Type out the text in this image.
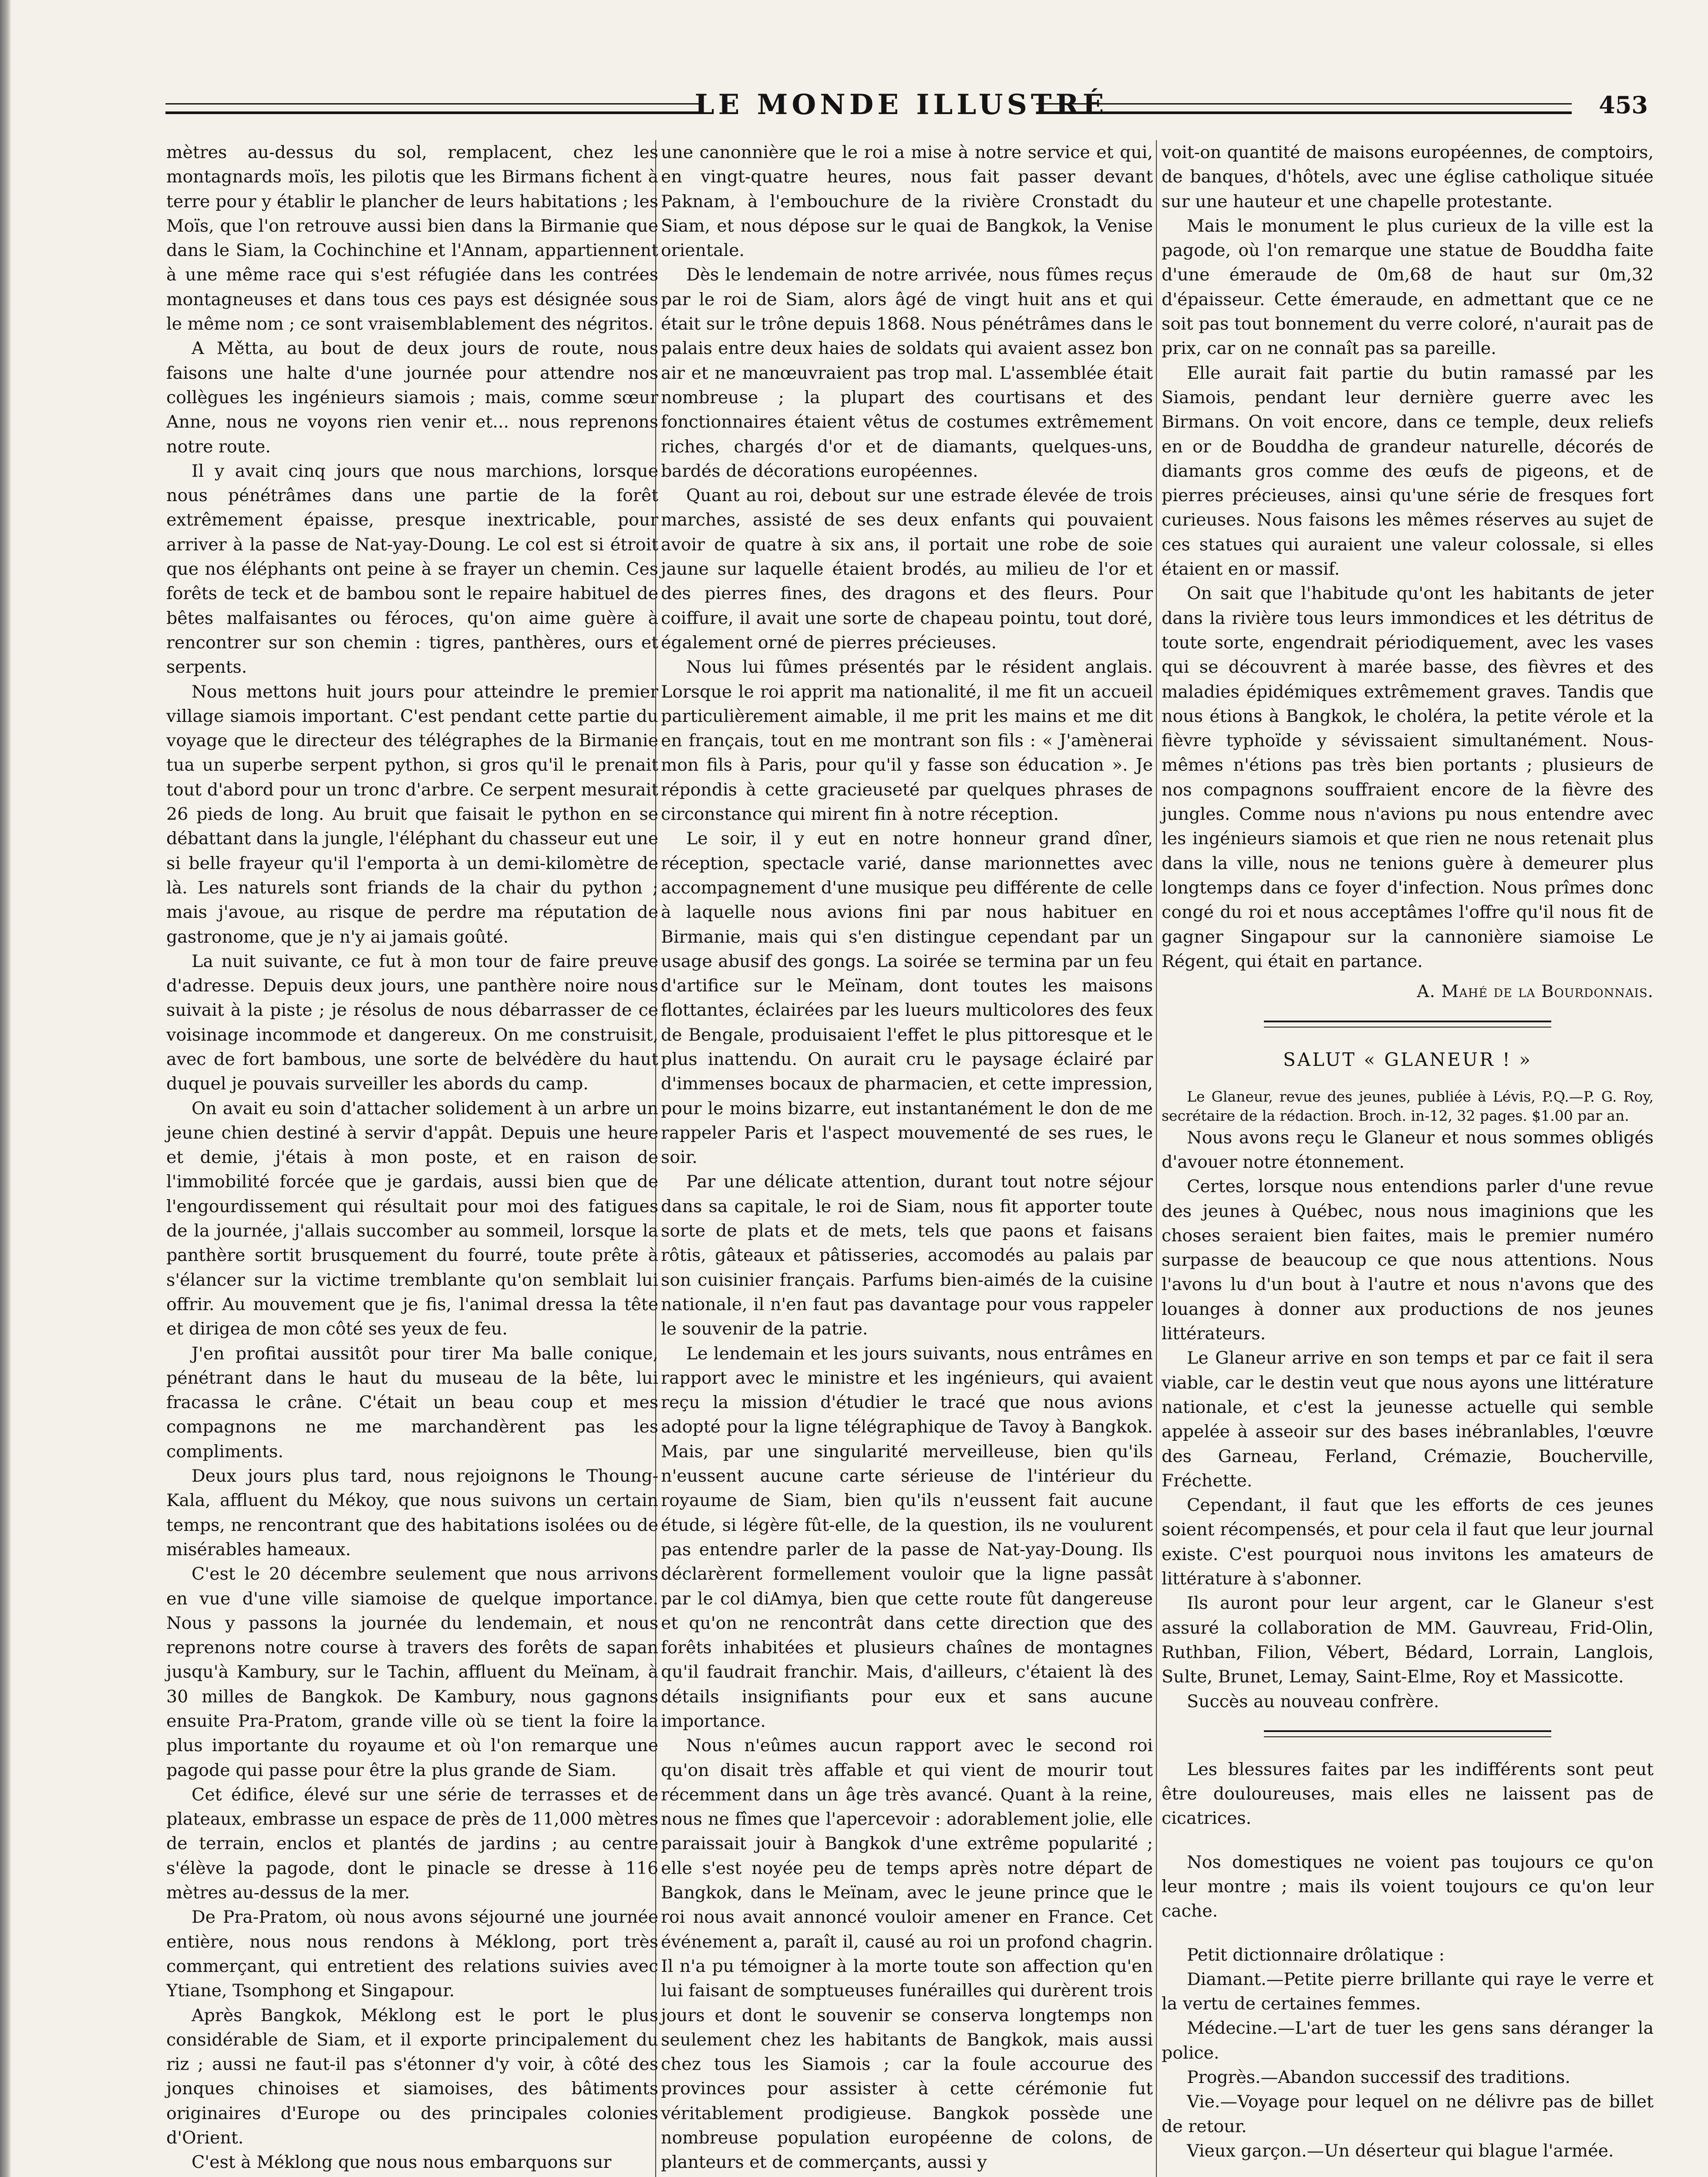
LE MONDE ILLUSTRÉ	453

mètres au-dessus du sol, remplacent, chez les montagnards moïs, les pilotis que les Birmans fichent à terre pour y établir le plancher de leurs habitations ; les Moïs, que l'on retrouve aussi bien dans la Birmanie que dans le Siam, la Cochinchine et l'Annam, appartiennent à une même race qui s'est réfugiée dans les contrées montagneuses et dans tous ces pays est désignée sous le même nom ; ce sont vraisemblablement des négritos.

A Mětta, au bout de deux jours de route, nous faisons une halte d'une journée pour attendre nos collègues les ingénieurs siamois ; mais, comme sœur Anne, nous ne voyons rien venir et... nous reprenons notre route.

Il y avait cinq jours que nous marchions, lorsque nous pénétrâmes dans une partie de la forêt extrêmement épaisse, presque inextricable, pour arriver à la passe de Nat-yay-Doung. Le col est si étroit que nos éléphants ont peine à se frayer un chemin. Ces forêts de teck et de bambou sont le repaire habituel de bêtes malfaisantes ou féroces, qu'on aime guère à rencontrer sur son chemin : tigres, panthères, ours et serpents.

Nous mettons huit jours pour atteindre le premier village siamois important. C'est pendant cette partie du voyage que le directeur des télégraphes de la Birmanie tua un superbe serpent python, si gros qu'il le prenait tout d'abord pour un tronc d'arbre. Ce serpent mesurait 26 pieds de long. Au bruit que faisait le python en se débattant dans la jungle, l'éléphant du chasseur eut une si belle frayeur qu'il l'emporta à un demi-kilomètre de là. Les naturels sont friands de la chair du python ; mais j'avoue, au risque de perdre ma réputation de gastronome, que je n'y ai jamais goûté.

La nuit suivante, ce fut à mon tour de faire preuve d'adresse. Depuis deux jours, une panthère noire nous suivait à la piste ; je résolus de nous débarrasser de ce voisinage incommode et dangereux. On me construisit, avec de fort bambous, une sorte de belvédère du haut duquel je pouvais surveiller les abords du camp.

On avait eu soin d'attacher solidement à un arbre un jeune chien destiné à servir d'appât. Depuis une heure et demie, j'étais à mon poste, et en raison de l'immobilité forcée que je gardais, aussi bien que de l'engourdissement qui résultait pour moi des fatigues de la journée, j'allais succomber au sommeil, lorsque la panthère sortit brusquement du fourré, toute prête à s'élancer sur la victime tremblante qu'on semblait lui offrir. Au mouvement que je fis, l'animal dressa la tête et dirigea de mon côté ses yeux de feu.

J'en profitai aussitôt pour tirer Ma balle conique, pénétrant dans le haut du museau de la bête, lui fracassa le crâne. C'était un beau coup et mes compagnons ne me marchandèrent pas les compliments.

Deux jours plus tard, nous rejoignons le Thoung-Kala, affluent du Mékoy, que nous suivons un certain temps, ne rencontrant que des habitations isolées ou de misérables hameaux.

C'est le 20 décembre seulement que nous arrivons en vue d'une ville siamoise de quelque importance. Nous y passons la journée du lendemain, et nous reprenons notre course à travers des forêts de sapan jusqu'à Kambury, sur le Tachin, affluent du Meïnam, à 30 milles de Bangkok. De Kambury, nous gagnons ensuite Pra-Pratom, grande ville où se tient la foire la plus importante du royaume et où l'on remarque une pagode qui passe pour être la plus grande de Siam.

Cet édifice, élevé sur une série de terrasses et de plateaux, embrasse un espace de près de 11,000 mètres de terrain, enclos et plantés de jardins ; au centre s'élève la pagode, dont le pinacle se dresse à 116 mètres au-dessus de la mer.

De Pra-Pratom, où nous avons séjourné une journée entière, nous nous rendons à Méklong, port très commerçant, qui entretient des relations suivies avec Ytiane, Tsomphong et Singapour.

Après Bangkok, Méklong est le port le plus considérable de Siam, et il exporte principalement du riz ; aussi ne faut-il pas s'étonner d'y voir, à côté des jonques chinoises et siamoises, des bâtiments originaires d'Europe ou des principales colonies d'Orient.

C'est à Méklong que nous nous embarquons sur

une canonnière que le roi a mise à notre service et qui, en vingt-quatre heures, nous fait passer devant Paknam, à l'embouchure de la rivière Cronstadt du Siam, et nous dépose sur le quai de Bangkok, la Venise orientale.

Dès le lendemain de notre arrivée, nous fûmes reçus par le roi de Siam, alors âgé de vingt huit ans et qui était sur le trône depuis 1868. Nous pénétrâmes dans le palais entre deux haies de soldats qui avaient assez bon air et ne manœuvraient pas trop mal. L'assemblée était nombreuse ; la plupart des courtisans et des fonctionnaires étaient vêtus de costumes extrêmement riches, chargés d'or et de diamants, quelques-uns, bardés de décorations européennes.

Quant au roi, debout sur une estrade élevée de trois marches, assisté de ses deux enfants qui pouvaient avoir de quatre à six ans, il portait une robe de soie jaune sur laquelle étaient brodés, au milieu de l'or et des pierres fines, des dragons et des fleurs. Pour coiffure, il avait une sorte de chapeau pointu, tout doré, également orné de pierres précieuses.

Nous lui fûmes présentés par le résident anglais. Lorsque le roi apprit ma nationalité, il me fit un accueil particulièrement aimable, il me prit les mains et me dit en français, tout en me montrant son fils : « J'amènerai mon fils à Paris, pour qu'il y fasse son éducation ». Je répondis à cette gracieuseté par quelques phrases de circonstance qui mirent fin à notre réception.

Le soir, il y eut en notre honneur grand dîner, réception, spectacle varié, danse marionnettes avec accompagnement d'une musique peu différente de celle à laquelle nous avions fini par nous habituer en Birmanie, mais qui s'en distingue cependant par un usage abusif des gongs. La soirée se termina par un feu d'artifice sur le Meïnam, dont toutes les maisons flottantes, éclairées par les lueurs multicolores des feux de Bengale, produisaient l'effet le plus pittoresque et le plus inattendu. On aurait cru le paysage éclairé par d'immenses bocaux de pharmacien, et cette impression, pour le moins bizarre, eut instantanément le don de me rappeler Paris et l'aspect mouvementé de ses rues, le soir.

Par une délicate attention, durant tout notre séjour dans sa capitale, le roi de Siam, nous fit apporter toute sorte de plats et de mets, tels que paons et faisans rôtis, gâteaux et pâtisseries, accomodés au palais par son cuisinier français. Parfums bien-aimés de la cuisine nationale, il n'en faut pas davantage pour vous rappeler le souvenir de la patrie.

Le lendemain et les jours suivants, nous entrâmes en rapport avec le ministre et les ingénieurs, qui avaient reçu la mission d'étudier le tracé que nous avions adopté pour la ligne télégraphique de Tavoy à Bangkok. Mais, par une singularité merveilleuse, bien qu'ils n'eussent aucune carte sérieuse de l'intérieur du royaume de Siam, bien qu'ils n'eussent fait aucune étude, si légère fût-elle, de la question, ils ne voulurent pas entendre parler de la passe de Nat-yay-Doung. Ils déclarèrent formellement vouloir que la ligne passât par le col diAmya, bien que cette route fût dangereuse et qu'on ne rencontrât dans cette direction que des forêts inhabitées et plusieurs chaînes de montagnes qu'il faudrait franchir. Mais, d'ailleurs, c'étaient là des détails insignifiants pour eux et sans aucune importance.

Nous n'eûmes aucun rapport avec le second roi qu'on disait très affable et qui vient de mourir tout récemment dans un âge très avancé. Quant à la reine, nous ne fîmes que l'apercevoir : adorablement jolie, elle paraissait jouir à Bangkok d'une extrême popularité ; elle s'est noyée peu de temps après notre départ de Bangkok, dans le Meïnam, avec le jeune prince que le roi nous avait annoncé vouloir amener en France. Cet événement a, paraît il, causé au roi un profond chagrin. Il n'a pu témoigner à la morte toute son affection qu'en lui faisant de somptueuses funérailles qui durèrent trois jours et dont le souvenir se conserva longtemps non seulement chez les habitants de Bangkok, mais aussi chez tous les Siamois ; car la foule accourue des provinces pour assister à cette cérémonie fut véritablement prodigieuse. Bangkok possède une nombreuse population européenne de colons, de planteurs et de commerçants, aussi y

voit-on quantité de maisons européennes, de comptoirs, de banques, d'hôtels, avec une église catholique située sur une hauteur et une chapelle protestante.

Mais le monument le plus curieux de la ville est la pagode, où l'on remarque une statue de Bouddha faite d'une émeraude de 0m,68 de haut sur 0m,32 d'épaisseur. Cette émeraude, en admettant que ce ne soit pas tout bonnement du verre coloré, n'aurait pas de prix, car on ne connaît pas sa pareille.

Elle aurait fait partie du butin ramassé par les Siamois, pendant leur dernière guerre avec les Birmans. On voit encore, dans ce temple, deux reliefs en or de Bouddha de grandeur naturelle, décorés de diamants gros comme des œufs de pigeons, et de pierres précieuses, ainsi qu'une série de fresques fort curieuses. Nous faisons les mêmes réserves au sujet de ces statues qui auraient une valeur colossale, si elles étaient en or massif.

On sait que l'habitude qu'ont les habitants de jeter dans la rivière tous leurs immondices et les détritus de toute sorte, engendrait périodiquement, avec les vases qui se découvrent à marée basse, des fièvres et des maladies épidémiques extrêmement graves. Tandis que nous étions à Bangkok, le choléra, la petite vérole et la fièvre typhoïde y sévissaient simultanément. Nous-mêmes n'étions pas très bien portants ; plusieurs de nos compagnons souffraient encore de la fièvre des jungles. Comme nous n'avions pu nous entendre avec les ingénieurs siamois et que rien ne nous retenait plus dans la ville, nous ne tenions guère à demeurer plus longtemps dans ce foyer d'infection. Nous prîmes donc congé du roi et nous acceptâmes l'offre qu'il nous fit de gagner Singapour sur la cannonière siamoise Le Régent, qui était en partance.

A. Mahé de la Bourdonnais.
SALUT « GLANEUR ! »

Le Glaneur, revue des jeunes, publiée à Lévis, P.Q.—P. G. Roy, secrétaire de la rédaction. Broch. in-12, 32 pages. $1.00 par an.

Nous avons reçu le Glaneur et nous sommes obligés d'avouer notre étonnement.

Certes, lorsque nous entendions parler d'une revue des jeunes à Québec, nous nous imaginions que les choses seraient bien faites, mais le premier numéro surpasse de beaucoup ce que nous attentions. Nous l'avons lu d'un bout à l'autre et nous n'avons que des louanges à donner aux productions de nos jeunes littérateurs.

Le Glaneur arrive en son temps et par ce fait il sera viable, car le destin veut que nous ayons une littérature nationale, et c'est la jeunesse actuelle qui semble appelée à asseoir sur des bases inébranlables, l'œuvre des Garneau, Ferland, Crémazie, Boucherville, Fréchette.

Cependant, il faut que les efforts de ces jeunes soient récompensés, et pour cela il faut que leur journal existe. C'est pourquoi nous invitons les amateurs de littérature à s'abonner.

Ils auront pour leur argent, car le Glaneur s'est assuré la collaboration de MM. Gauvreau, Frid-Olin, Ruthban, Filion, Vébert, Bédard, Lorrain, Langlois, Sulte, Brunet, Lemay, Saint-Elme, Roy et Massicotte.

Succès au nouveau confrère.

Les blessures faites par les indifférents sont peut être douloureuses, mais elles ne laissent pas de cicatrices.

Nos domestiques ne voient pas toujours ce qu'on leur montre ; mais ils voient toujours ce qu'on leur cache.

Petit dictionnaire drôlatique :

Diamant.—Petite pierre brillante qui raye le verre et la vertu de certaines femmes.

Médecine.—L'art de tuer les gens sans déranger la police.

Progrès.—Abandon successif des traditions.

Vie.—Voyage pour lequel on ne délivre pas de billet de retour.

Vieux garçon.—Un déserteur qui blague l'armée.
